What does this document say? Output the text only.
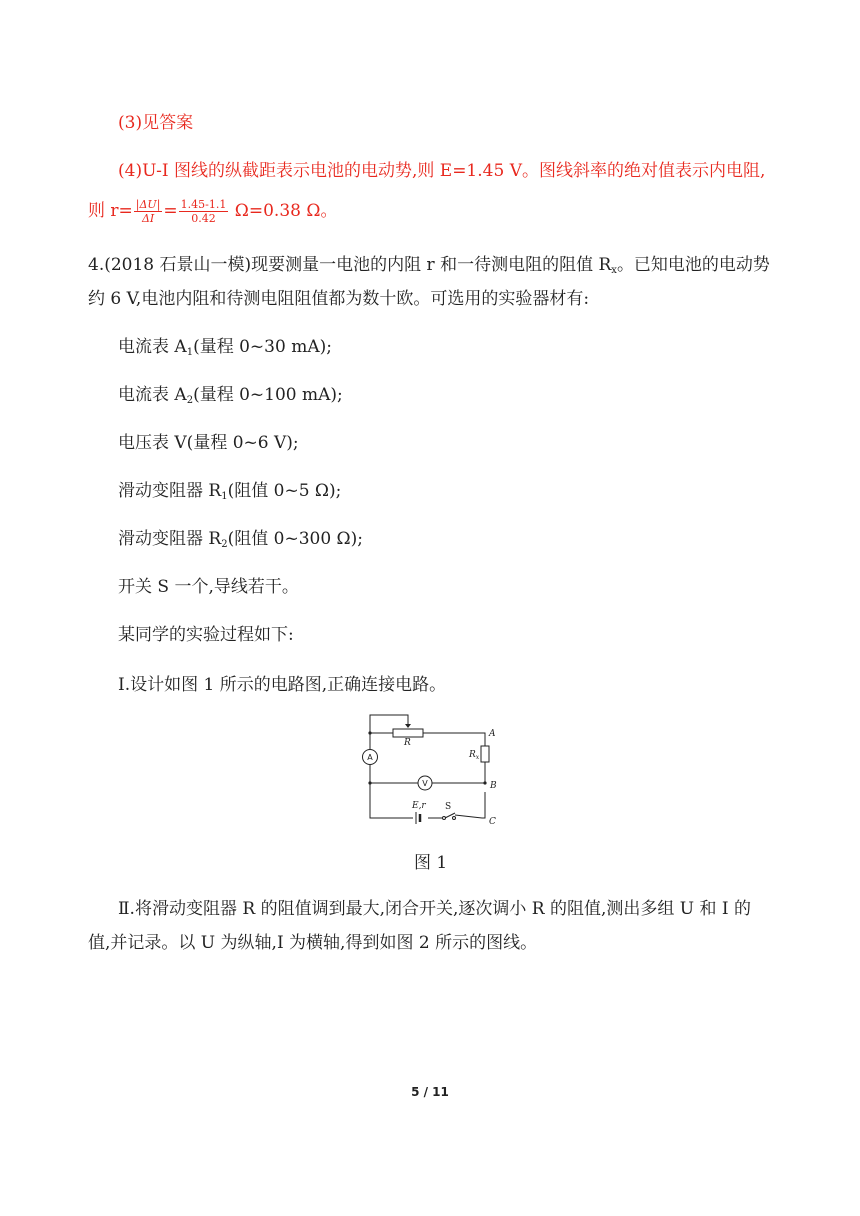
(3)见答案
(4)U-I 图线的纵截距表示电池的电动势,则 E=1.45 V。图线斜率的绝对值表示内电阻,
则 $r= \frac{|\Delta U|}{\Delta I} = \frac{1.45-1.1}{0.42} \Omega=0.38$ Ω。
4.(2018 石景山一模)现要测量一电池的内阻 r 和一待测电阻的阻值 $R_x$。已知电池的电动势
约 6 V,电池内阻和待测电阻阻值都为数十欧。可选用的实验器材有:
电流表 $A_1$(量程 0~30 mA);
电流表 $A_2$(量程 0~100 mA);
电压表 V(量程 0~6 V);
滑动变阻器 $R_1$(阻值 0~5 Ω);
滑动变阻器 $R_2$(阻值 0~300 Ω);
开关 S 一个,导线若干。
某同学的实验过程如下:
Ⅰ.设计如图 1 所示的电路图,正确连接电路。
R
A
$R_x$
B
C
E,r S
A
V
图 1
Ⅱ.将滑动变阻器 R 的阻值调到最大,闭合开关,逐次调小 R 的阻值,测出多组 U 和 I 的
值,并记录。以 U 为纵轴,I 为横轴,得到如图 2 所示的图线。
5 / 11
